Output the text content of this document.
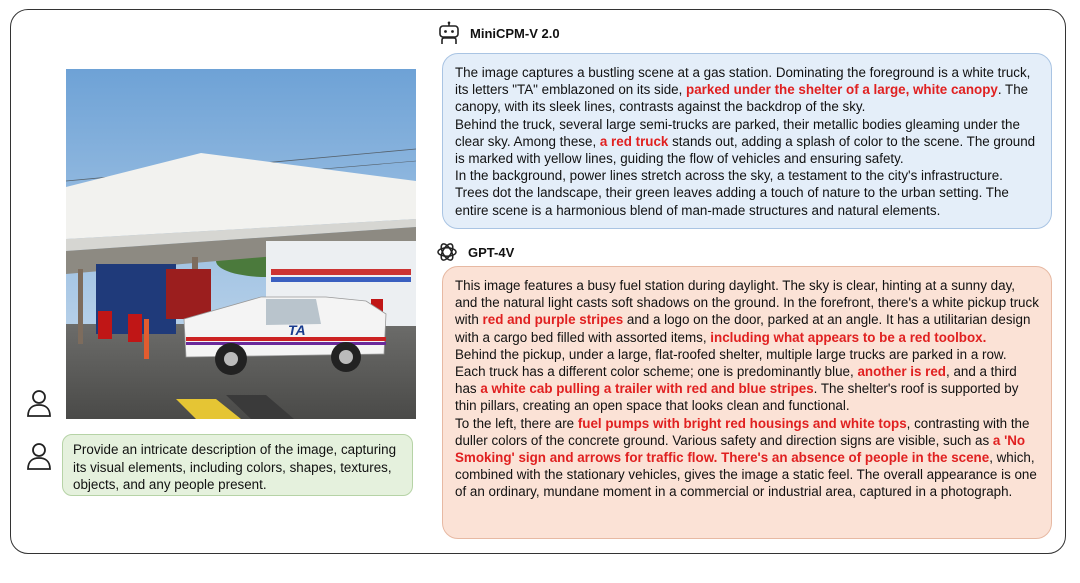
TA
Provide an intricate description of the image, capturing its visual elements, including colors, shapes, textures, objects, and any people present.
MiniCPM-V 2.0
The image captures a bustling scene at a gas station. Dominating the foreground is a white truck, its letters "TA" emblazoned on its side, parked under the shelter of a large, white canopy. The canopy, with its sleek lines, contrasts against the backdrop of the sky.
Behind the truck, several large semi-trucks are parked, their metallic bodies gleaming under the clear sky. Among these, a red truck stands out, adding a splash of color to the scene. The ground is marked with yellow lines, guiding the flow of vehicles and ensuring safety.
In the background, power lines stretch across the sky, a testament to the city's infrastructure. Trees dot the landscape, their green leaves adding a touch of nature to the urban setting. The entire scene is a harmonious blend of man-made structures and natural elements.
GPT-4V
This image features a busy fuel station during daylight. The sky is clear, hinting at a sunny day, and the natural light casts soft shadows on the ground. In the forefront, there's a white pickup truck with red and purple stripes and a logo on the door, parked at an angle. It has a utilitarian design with a cargo bed filled with assorted items, including what appears to be a red toolbox.
Behind the pickup, under a large, flat-roofed shelter, multiple large trucks are parked in a row. Each truck has a different color scheme; one is predominantly blue, another is red, and a third has a white cab pulling a trailer with red and blue stripes. The shelter's roof is supported by thin pillars, creating an open space that looks clean and functional.
To the left, there are fuel pumps with bright red housings and white tops, contrasting with the duller colors of the concrete ground. Various safety and direction signs are visible, such as a 'No Smoking' sign and arrows for traffic flow. There's an absence of people in the scene, which, combined with the stationary vehicles, gives the image a static feel. The overall appearance is one of an ordinary, mundane moment in a commercial or industrial area, captured in a photograph.
